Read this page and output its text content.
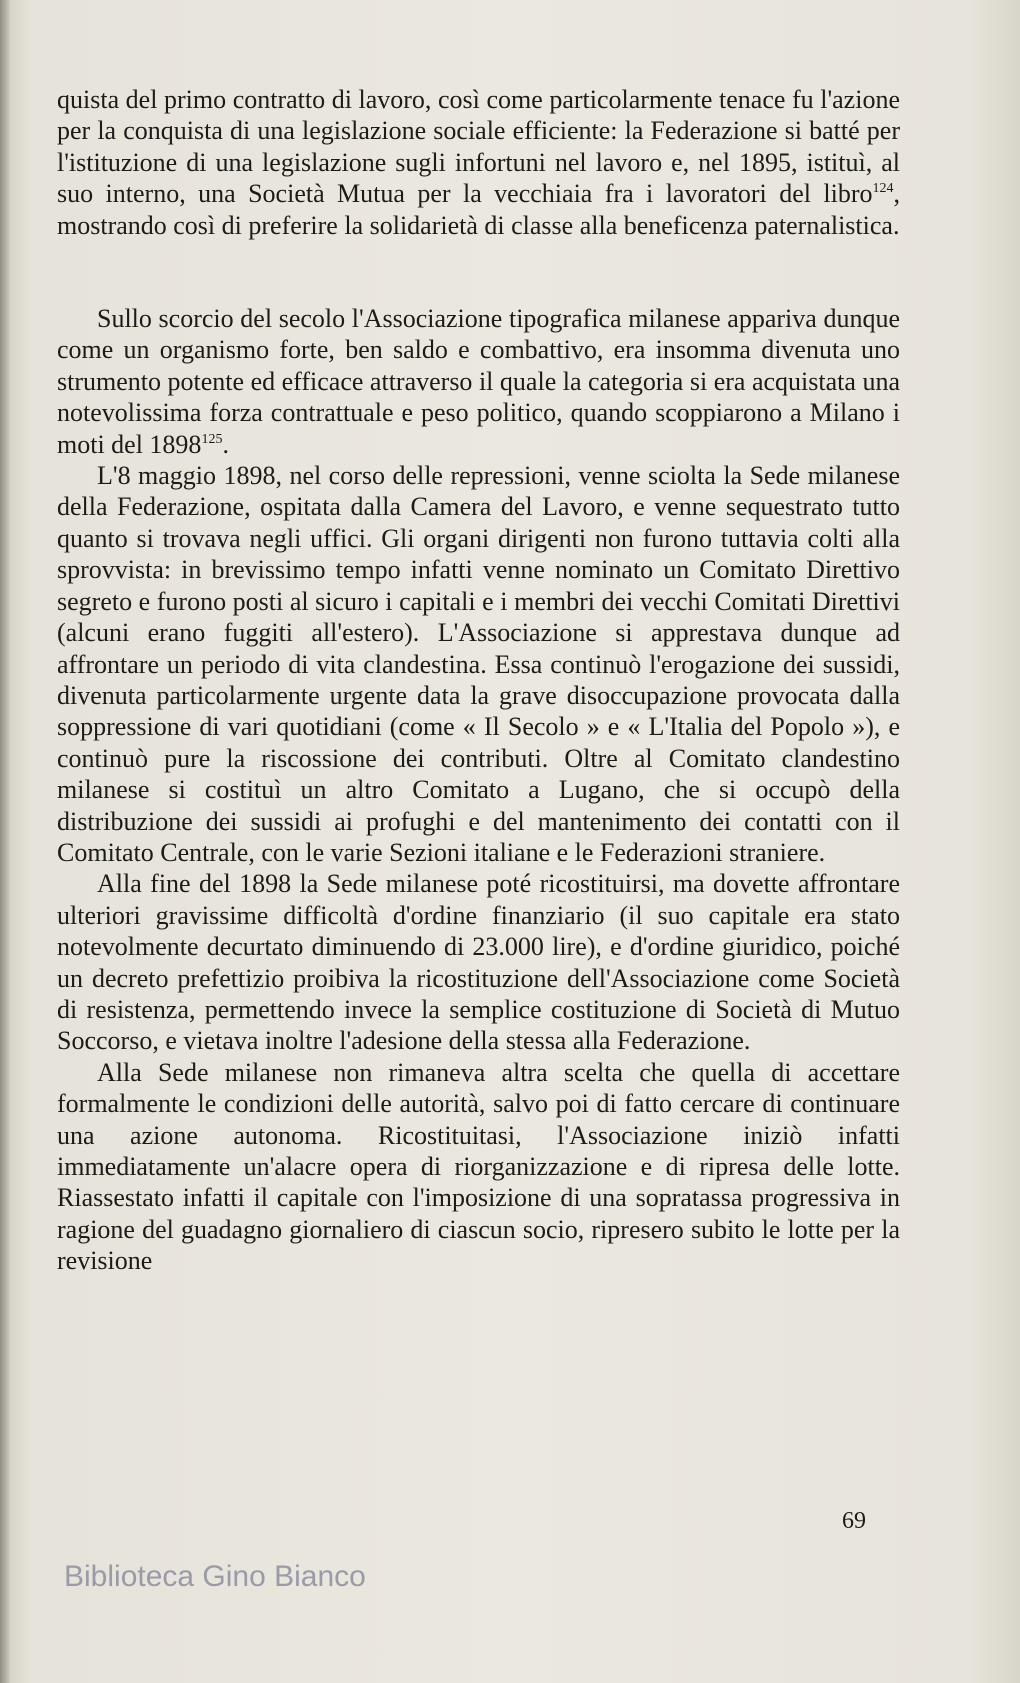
quista del primo contratto di lavoro, così come particolarmente tenace fu l'azione per la conquista di una legislazione sociale efficiente: la Federazione si batté per l'istituzione di una legislazione sugli infortuni nel lavoro e, nel 1895, istituì, al suo interno, una Società Mutua per la vecchiaia fra i lavoratori del libro$^{124}$, mostrando così di preferire la solidarietà di classe alla beneficenza paternalistica.

Sullo scorcio del secolo l'Associazione tipografica milanese appariva dunque come un organismo forte, ben saldo e combattivo, era insomma divenuta uno strumento potente ed efficace attraverso il quale la categoria si era acquistata una notevolissima forza contrattuale e peso politico, quando scoppiarono a Milano i moti del 1898$^{125}$.

L'8 maggio 1898, nel corso delle repressioni, venne sciolta la Sede milanese della Federazione, ospitata dalla Camera del Lavoro, e venne sequestrato tutto quanto si trovava negli uffici. Gli organi dirigenti non furono tuttavia colti alla sprovvista: in brevissimo tempo infatti venne nominato un Comitato Direttivo segreto e furono posti al sicuro i capitali e i membri dei vecchi Comitati Direttivi (alcuni erano fuggiti all'estero). L'Associazione si apprestava dunque ad affrontare un periodo di vita clandestina. Essa continuò l'erogazione dei sussidi, divenuta particolarmente urgente data la grave disoccupazione provocata dalla soppressione di vari quotidiani (come « Il Secolo » e « L'Italia del Popolo »), e continuò pure la riscossione dei contributi. Oltre al Comitato clandestino milanese si costituì un altro Comitato a Lugano, che si occupò della distribuzione dei sussidi ai profughi e del mantenimento dei contatti con il Comitato Centrale, con le varie Sezioni italiane e le Federazioni straniere.

Alla fine del 1898 la Sede milanese poté ricostituirsi, ma dovette affrontare ulteriori gravissime difficoltà d'ordine finanziario (il suo capitale era stato notevolmente decurtato diminuendo di 23.000 lire), e d'ordine giuridico, poiché un decreto prefettizio proibiva la ricostituzione dell'Associazione come Società di resistenza, permettendo invece la semplice costituzione di Società di Mutuo Soccorso, e vietava inoltre l'adesione della stessa alla Federazione.

Alla Sede milanese non rimaneva altra scelta che quella di accettare formalmente le condizioni delle autorità, salvo poi di fatto cercare di continuare una azione autonoma. Ricostituitasi, l'Associazione iniziò infatti immediatamente un'alacre opera di riorganizzazione e di ripresa delle lotte. Riassestato infatti il capitale con l'imposizione di una sopratassa progressiva in ragione del guadagno giornaliero di ciascun socio, ripresero subito le lotte per la revisione

69
Biblioteca Gino Bianco
